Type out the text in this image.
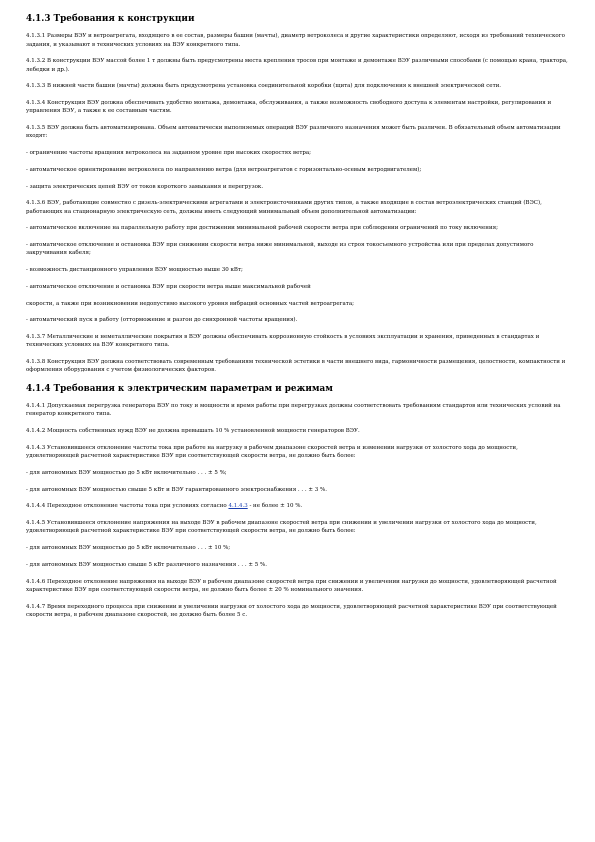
4.1.3 Требования к конструкции

4.1.3.1 Размеры ВЭУ и ветроагрегата, входящего в ее состав, размеры башни (мачты), диаметр ветроколеса и другие характеристики определяют, исходя из требований технического задания, и указывают в технических условиях на ВЭУ конкретного типа.

4.1.3.2 В конструкции ВЭУ массой более 1 т должны быть предусмотрены места крепления тросов при монтаже и демонтаже ВЭУ различными способами (с помощью крана, трактора, лебедки и др.).

4.1.3.3 В нижней части башни (мачты) должна быть предусмотрена установка соединительной коробки (щита) для подключения к внешней электрической сети.

4.1.3.4 Конструкция ВЭУ должна обеспечивать удобство монтажа, демонтажа, обслуживания, а также возможность свободного доступа к элементам настройки, регулирования и управления ВЭУ, а также к ее составным частям.

4.1.3.5 ВЭУ должна быть автоматизирована. Объем автоматически выполняемых операций ВЭУ различного назначения может быть различен. В обязательный объем автоматизации входят:

- ограничение частоты вращения ветроколеса на заданном уровне при высоких скоростях ветра;

- автоматическое ориентирование ветроколеса по направлению ветра (для ветроагрегатов с горизонтально-осевым ветродвигателем);

- защита электрических цепей ВЭУ от токов короткого замыкания и перегрузок.

4.1.3.6 ВЭУ, работающие совместно с дизель-электрическими агрегатами и электроисточниками других типов, а также входящие в состав ветроэлектрических станций (ВЭС), работающих на стационарную электрическую сеть, должны иметь следующий минимальный объем дополнительной автоматизации:

- автоматическое включение на параллельную работу при достижении минимальной рабочей скорости ветра при соблюдении ограничений по току включения;

- автоматическое отключение и остановка ВЭУ при снижении скорости ветра ниже минимальной, выходе из строя токосъемного устройства или при пределах допустимого закручивания кабеля;

- возможность дистанционного управления ВЭУ мощностью выше 30 кВт;

- автоматическое отключение и остановка ВЭУ при скорости ветра выше максимальной рабочей

скорости, а также при возникновении недопустимо высокого уровня вибраций основных частей ветроагрегата;

- автоматический пуск в работу (отторможение и разгон до синхронной частоты вращения).

4.1.3.7 Металлические и неметаллические покрытия в ВЭУ должны обеспечивать коррозионную стойкость в условиях эксплуатации и хранения, приведенных в стандартах и технических условиях на ВЭУ конкретного типа.

4.1.3.8 Конструкция ВЭУ должна соответствовать современным требованиям технической эстетики в части внешнего вида, гармоничности размещения, целостности, компактности и оформления оборудования с учетом физиологических факторов.

4.1.4 Требования к электрическим параметрам и режимам

4.1.4.1 Допускаемая перегрузка генератора ВЭУ по току и мощности и время работы при перегрузках должны соответствовать требованиям стандартов или технических условий на генератор конкретного типа.

4.1.4.2 Мощность собственных нужд ВЭУ не должна превышать 10 % установленной мощности генераторов ВЭУ.

4.1.4.3 Установившееся отклонение частоты тока при работе на нагрузку в рабочем диапазоне скоростей ветра и изменении нагрузки от холостого хода до мощности, удовлетворяющей расчетной характеристике ВЭУ при соответствующей скорости ветра, не должно быть более:

- для автономных ВЭУ мощностью до 5 кВт включительно . . . ± 5 %;

- для автономных ВЭУ мощностью свыше 5 кВт и ВЭУ гарантированного электроснабжения . . . ± 3 %.

4.1.4.4 Переходное отклонение частоты тока при условиях согласно 4.1.4.3 - не более ± 10 %.

4.1.4.5 Установившееся отклонение напряжения на выходе ВЭУ в рабочем диапазоне скоростей ветра при снижении и увеличении нагрузки от холостого хода до мощности, удовлетворяющей расчетной характеристике ВЭУ при соответствующей скорости ветра, не должно быть более:

- для автономных ВЭУ мощностью до 5 кВт включительно . . . ± 10 %;

- для автономных ВЭУ мощностью свыше 5 кВт различного назначения . . . ± 5 %.

4.1.4.6 Переходное отклонение напряжения на выходе ВЭУ в рабочем диапазоне скоростей ветра при снижении и увеличении нагрузки до мощности, удовлетворяющей расчетной характеристике ВЭУ при соответствующей скорости ветра, не должно быть более ± 20 % номинального значения.

4.1.4.7 Время переходного процесса при снижении и увеличении нагрузки от холостого хода до мощности, удовлетворяющей расчетной характеристике ВЭУ при соответствующей скорости ветра, в рабочем диапазоне скоростей, не должно быть более 5 с.
